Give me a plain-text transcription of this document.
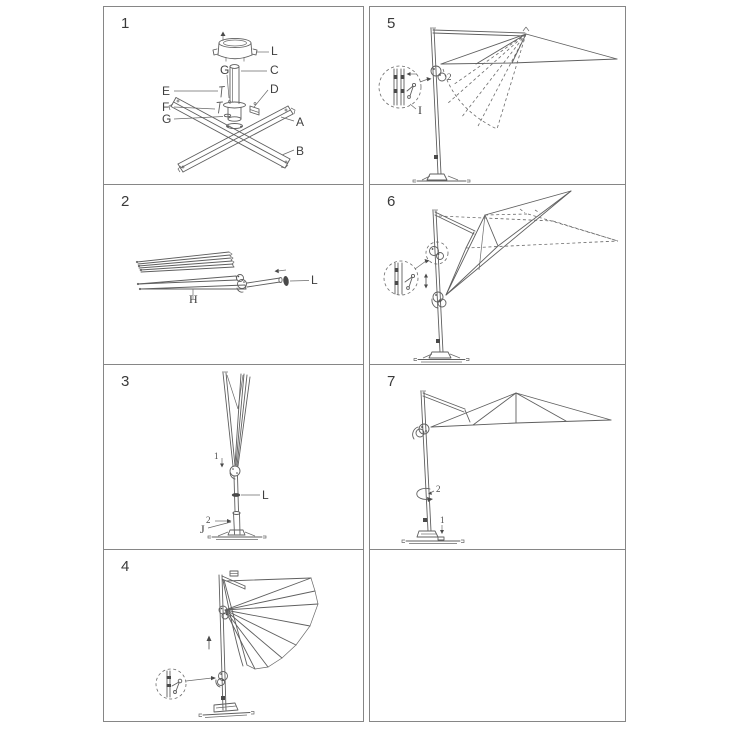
1
L
G	C
E	D
F
G	A
B
2
H
L
3
1
L
2
J
4
5
2
I
6
7
2
1
